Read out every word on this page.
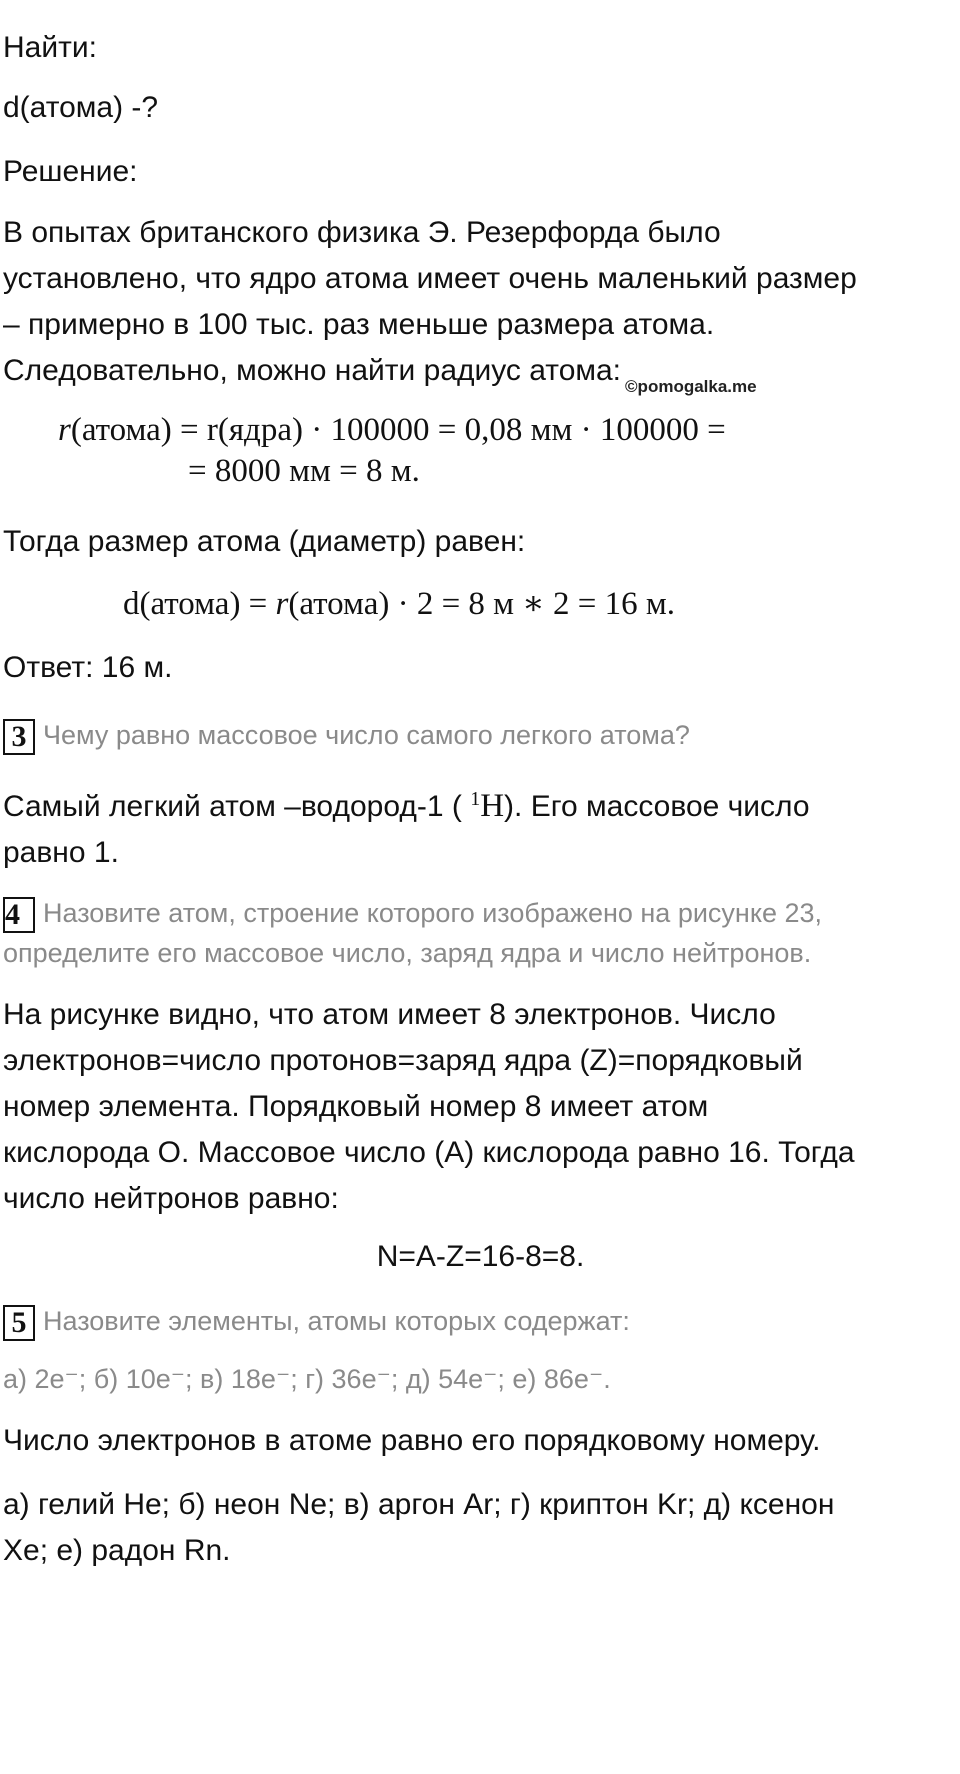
Найти:

d(атома) -?

Решение:

В опытах британского физика Э. Резерфорда было

установлено, что ядро атома имеет очень маленький размер

– примерно в 100 тыс. раз меньше размера атома.

Следовательно, можно найти радиус атома: $_{©pomogalka.me}$

r(атома) = r(ядра) · 100000 = 0,08 мм · 100000 =
= 8000 мм = 8 м.

Тогда размер атома (диаметр) равен:

d(атома) = r(атома) · 2 = 8 м ∗ 2 = 16 м.

Ответ: 16 м.

3 Чему равно массовое число самого легкого атома?

Самый легкий атом –водород-1 ( $^1$H). Его массовое число

равно 1.

4 Назовите атом, строение которого изображено на рисунке 23,
определите его массовое число, заряд ядра и число нейтронов.

На рисунке видно, что атом имеет 8 электронов. Число

электронов=число протонов=заряд ядра (Z)=порядковый

номер элемента. Порядковый номер 8 имеет атом

кислорода О. Массовое число (А) кислорода равно 16. Тогда

число нейтронов равно:

N=A-Z=16-8=8.

5 Назовите элементы, атомы которых содержат:

а) 2e⁻; б) 10e⁻; в) 18e⁻; г) 36e⁻; д) 54e⁻; е) 86e⁻.

Число электронов в атоме равно его порядковому номеру.

а) гелий He; б) неон Ne; в) аргон Ar; г) криптон Kr; д) ксенон

Xe; е) радон Rn.
